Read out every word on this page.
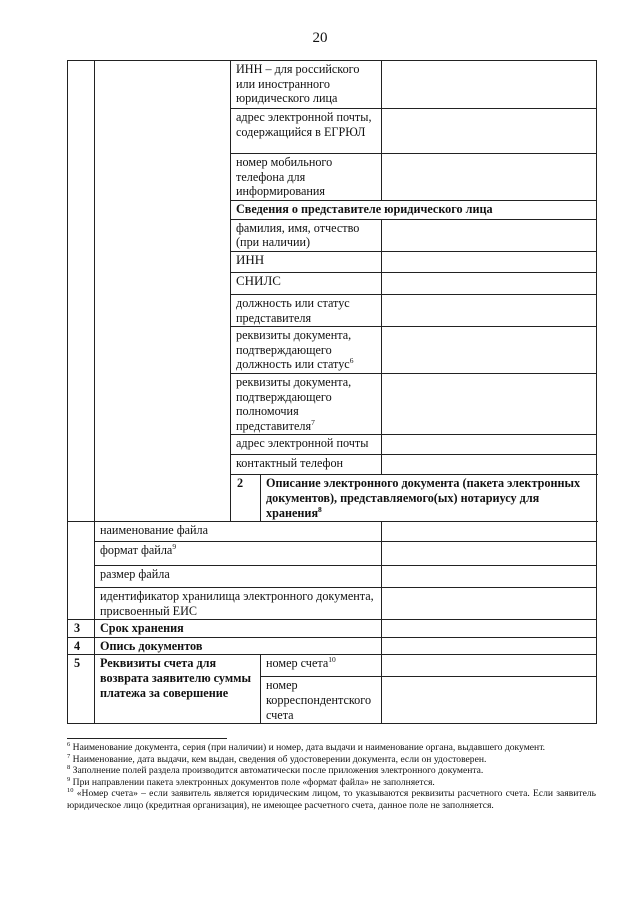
20
		ИНН – для российского или иностранного юридического лица		
		адрес электронной почты, содержащийся в ЕГРЮЛ		
		номер мобильного телефона для информирования		
		Сведения о представителе юридического лица		
		фамилия, имя, отчество (при наличии)		
		ИНН		
		СНИЛС		
		должность или статус представителя		
		реквизиты документа, подтверждающего должность или статус$^6$	
		реквизиты документа, подтверждающего полномочия представителя$^7$	
		адрес электронной почты		
		контактный телефон		
		2	Описание электронного документа (пакета электронных документов), представляемого(ых) нотариусу для хранения$^8$
	наименование файла			
	формат файла$^9$	
	размер файла			
	идентификатор хранилища электронного документа, присвоенный ЕИС			
3	Срок хранения			
4	Опись документов			
5	Реквизиты счета для возврата заявителю суммы платежа за совершение		номер счета$^{10}$	
			номер корреспондентского счета	

$^6$ Наименование документа, серия (при наличии) и номер, дата выдачи и наименование органа, выдавшего документ.

$^7$ Наименование, дата выдачи, кем выдан, сведения об удостоверении документа, если он удостоверен.

$^8$ Заполнение полей раздела производится автоматически после приложения электронного документа.

$^9$ При направлении пакета электронных документов поле «формат файла» не заполняется.

$^{10}$ «Номер счета» – если заявитель является юридическим лицом, то указываются реквизиты расчетного счета. Если заявитель юридическое лицо (кредитная организация), не имеющее расчетного счета, данное поле не заполняется.
